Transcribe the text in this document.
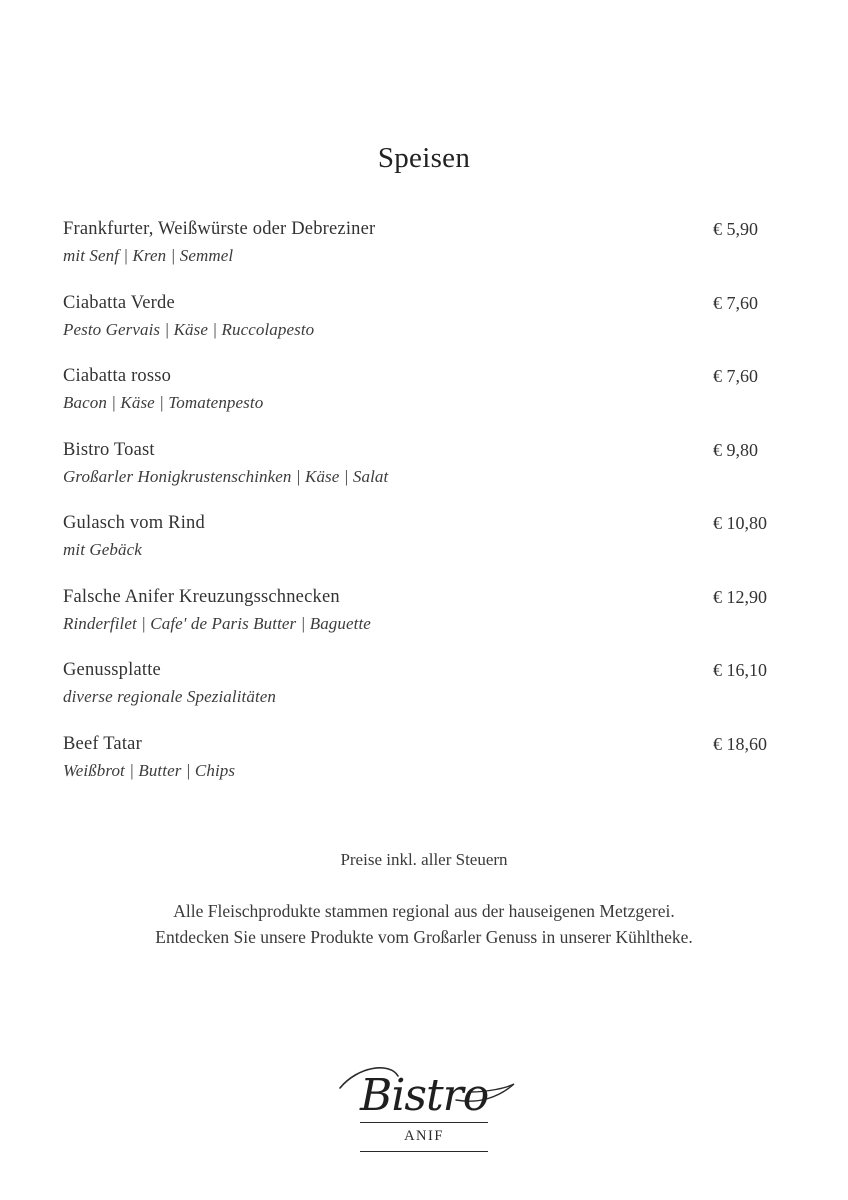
Speisen
Frankfurter, Weißwürste oder Debreziner
mit Senf | Kren | Semmel
€ 5,90
Ciabatta Verde
Pesto Gervais | Käse | Ruccolapesto
€ 7,60
Ciabatta rosso
Bacon | Käse | Tomatenpesto
€ 7,60
Bistro Toast
Großarler Honigkrustenschinken | Käse | Salat
€ 9,80
Gulasch vom Rind
mit Gebäck
€ 10,80
Falsche Anifer Kreuzungsschnecken
Rinderfilet | Cafe' de Paris Butter | Baguette
€ 12,90
Genussplatte
diverse regionale Spezialitäten
€ 16,10
Beef Tatar
Weißbrot | Butter | Chips
€ 18,60
Preise inkl. aller Steuern
Alle Fleischprodukte stammen regional aus der hauseigenen Metzgerei.
Entdecken Sie unsere Produkte vom Großarler Genuss in unserer Kühltheke.
Bistro
ANIF
